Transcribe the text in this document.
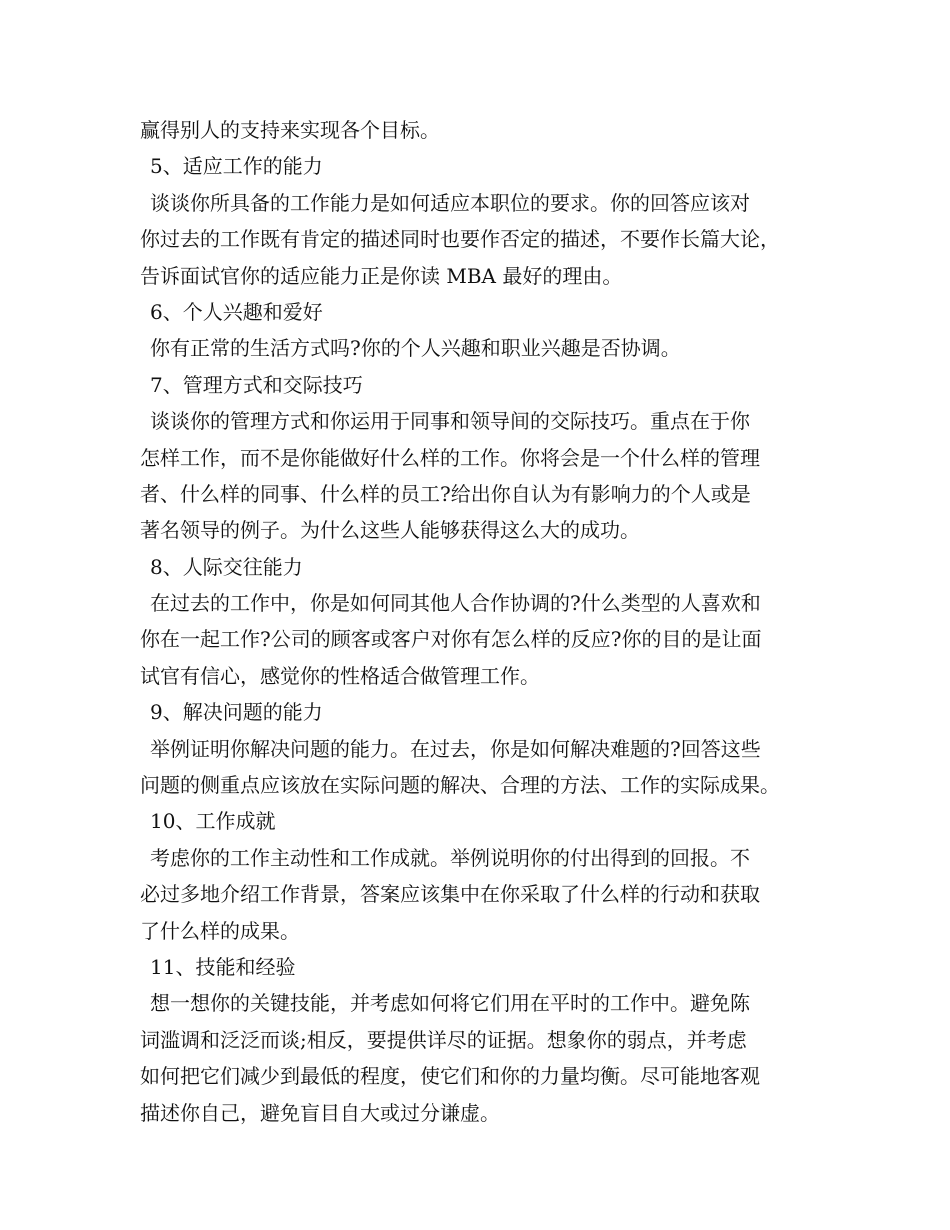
赢得别人的支持来实现各个目标。
5、适应工作的能力
谈谈你所具备的工作能力是如何适应本职位的要求。你的回答应该对
你过去的工作既有肯定的描述同时也要作否定的描述，不要作长篇大论，
告诉面试官你的适应能力正是你读 MBA 最好的理由。
6、个人兴趣和爱好
你有正常的生活方式吗?你的个人兴趣和职业兴趣是否协调。
7、管理方式和交际技巧
谈谈你的管理方式和你运用于同事和领导间的交际技巧。重点在于你
怎样工作，而不是你能做好什么样的工作。你将会是一个什么样的管理
者、什么样的同事、什么样的员工?给出你自认为有影响力的个人或是
著名领导的例子。为什么这些人能够获得这么大的成功。
8、人际交往能力
在过去的工作中，你是如何同其他人合作协调的?什么类型的人喜欢和
你在一起工作?公司的顾客或客户对你有怎么样的反应?你的目的是让面
试官有信心，感觉你的性格适合做管理工作。
9、解决问题的能力
举例证明你解决问题的能力。在过去，你是如何解决难题的?回答这些
问题的侧重点应该放在实际问题的解决、合理的方法、工作的实际成果。
10、工作成就
考虑你的工作主动性和工作成就。举例说明你的付出得到的回报。不
必过多地介绍工作背景，答案应该集中在你采取了什么样的行动和获取
了什么样的成果。
11、技能和经验
想一想你的关键技能，并考虑如何将它们用在平时的工作中。避免陈
词滥调和泛泛而谈;相反，要提供详尽的证据。想象你的弱点，并考虑
如何把它们减少到最低的程度，使它们和你的力量均衡。尽可能地客观
描述你自己，避免盲目自大或过分谦虚。
